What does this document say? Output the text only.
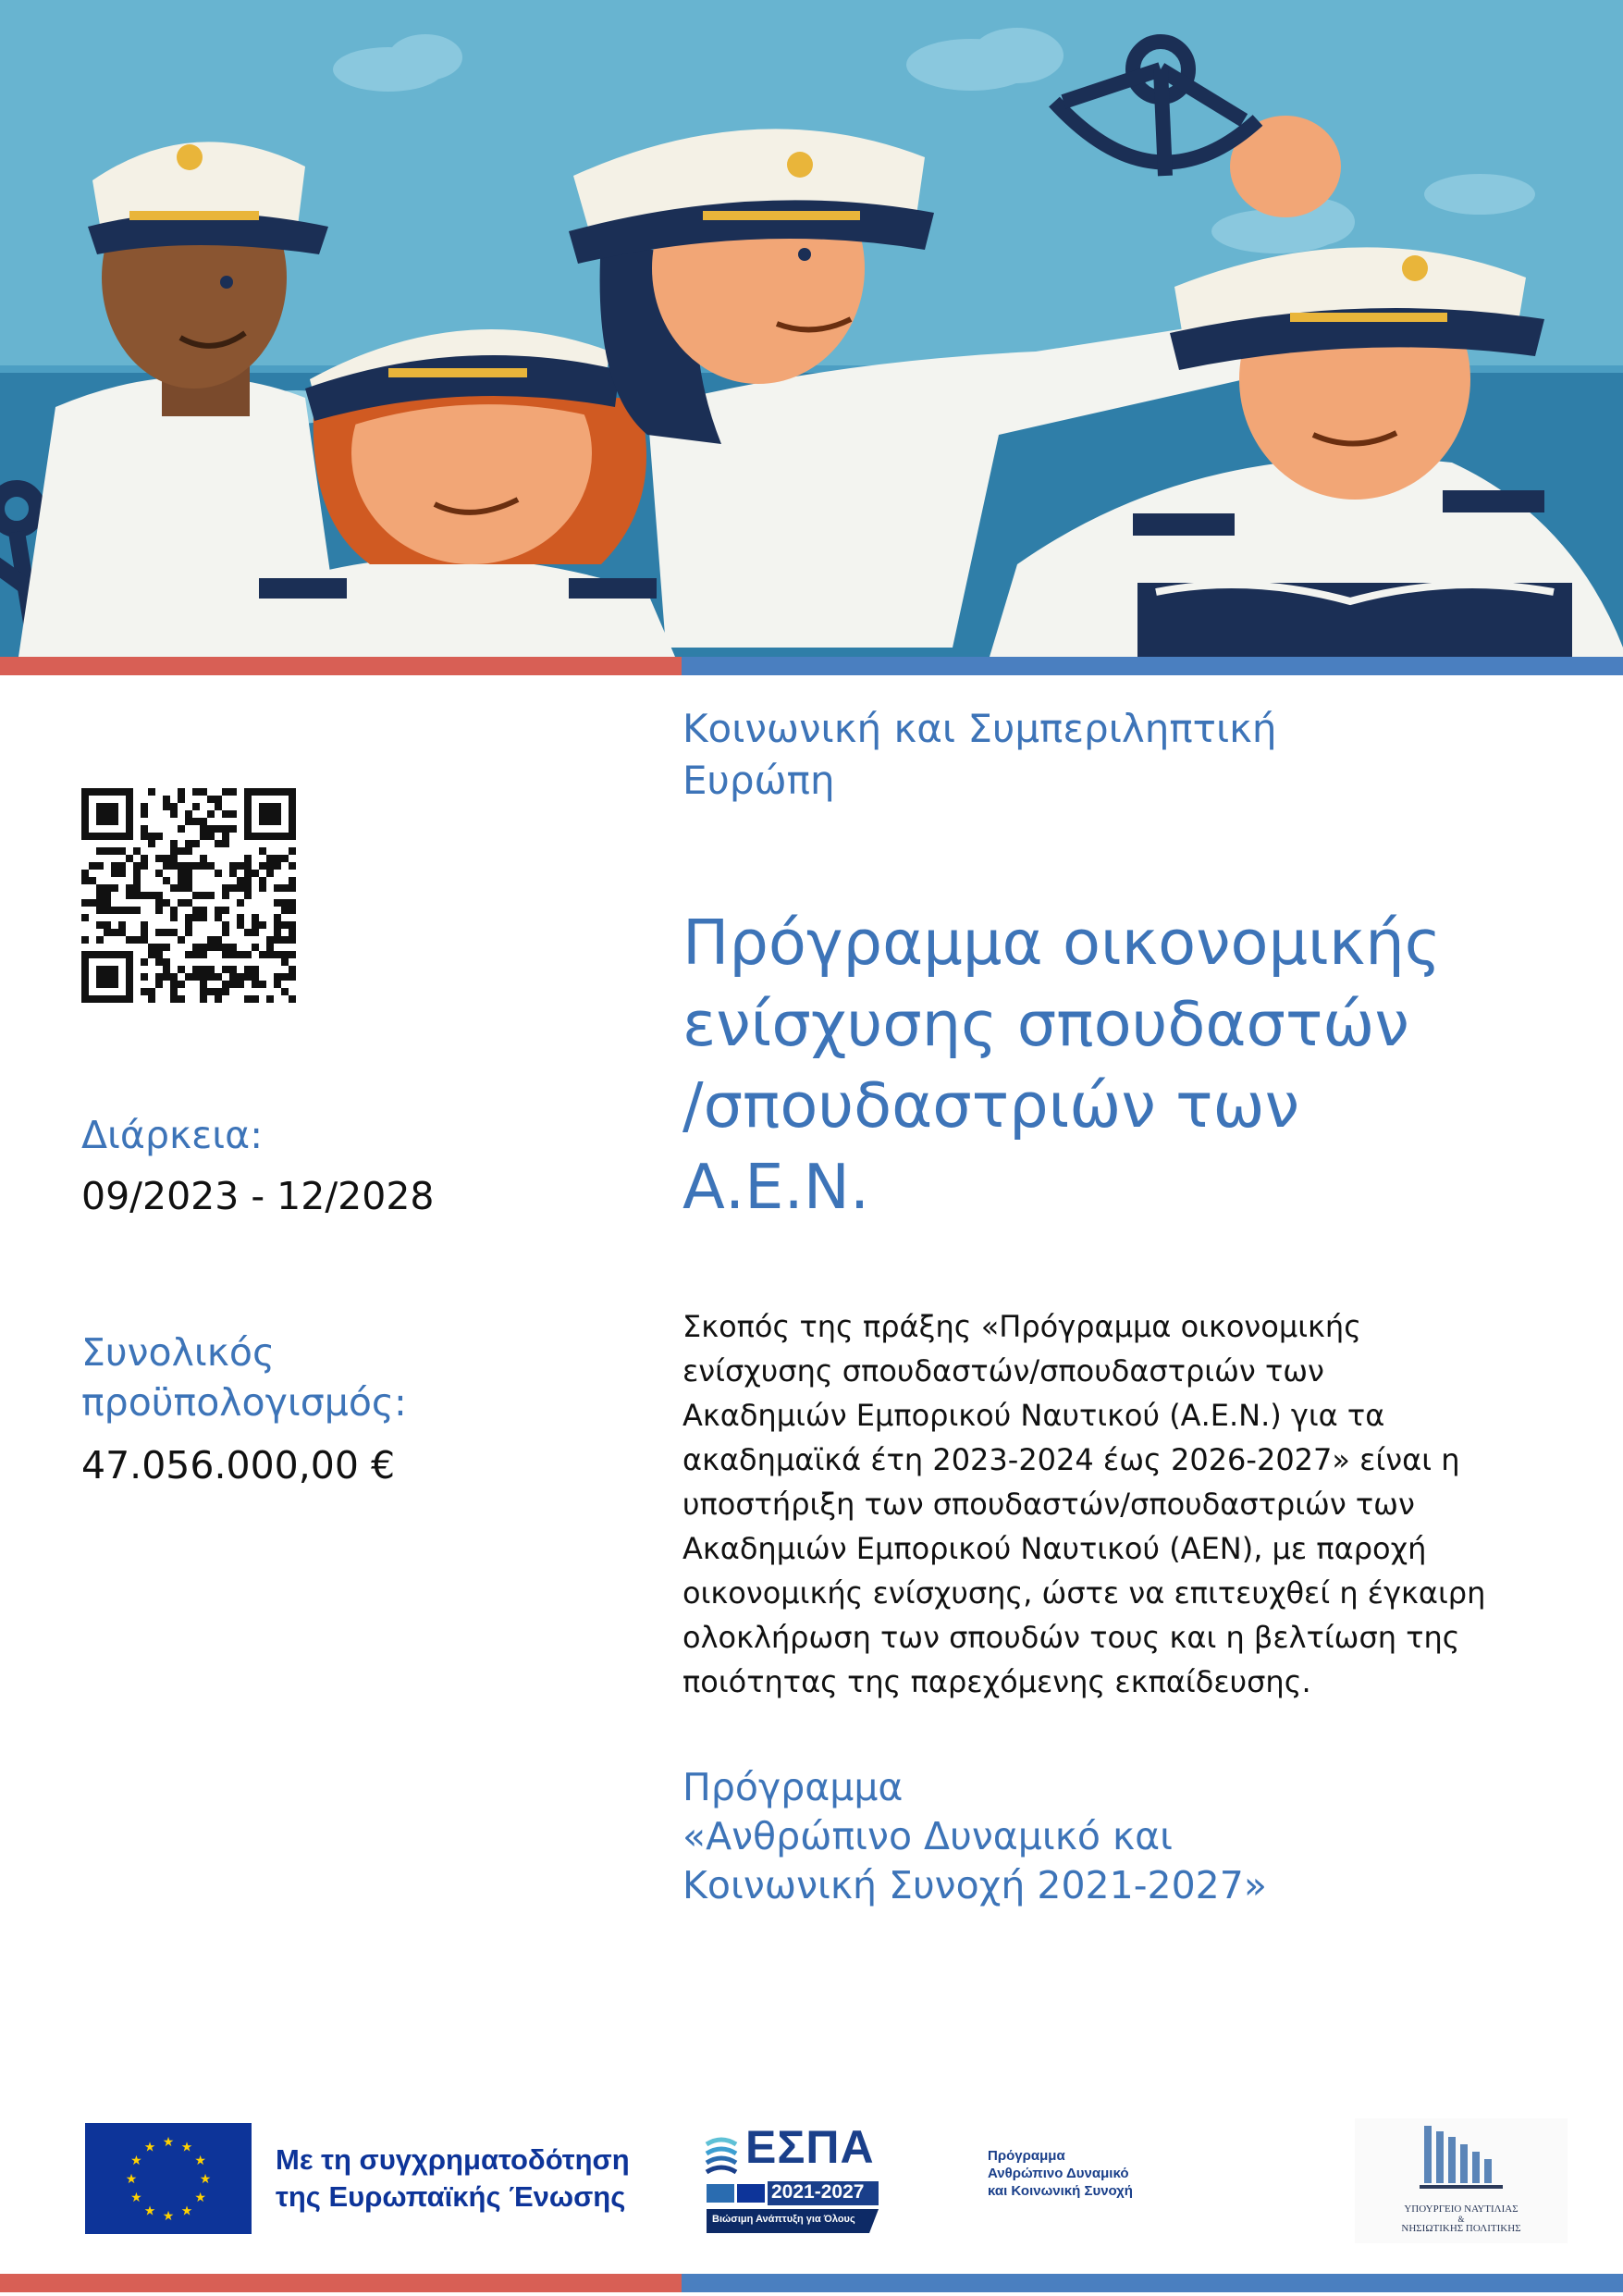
Κοινωνική και Συμπεριληπτική
Ευρώπη
Πρόγραμμα οικονομικής
ενίσχυσης σπουδαστών
/σπουδαστριών των
Α.Ε.Ν.
Διάρκεια:
09/2023 - 12/2028
Συνολικός
προϋπολογισμός:
47.056.000,00 €
Σκοπός της πράξης «Πρόγραμμα οικονομικής
ενίσχυσης σπουδαστών/σπουδαστριών των
Ακαδημιών Εμπορικού Ναυτικού (Α.Ε.Ν.) για τα
ακαδημαϊκά έτη 2023-2024 έως 2026-2027» είναι η
υποστήριξη των σπουδαστών/σπουδαστριών των
Ακαδημιών Εμπορικού Ναυτικού (ΑΕΝ), με παροχή
οικονομικής ενίσχυσης, ώστε να επιτευχθεί η έγκαιρη
ολοκλήρωση των σπουδών τους και η βελτίωση της
ποιότητας της παρεχόμενης εκπαίδευσης.
Πρόγραμμα
«Ανθρώπινο Δυναμικό και
Κοινωνική Συνοχή 2021-2027»
★ ★
★
★
★
★
★
★
★
★
★
★	Με τη συγχρηματοδότηση
της Ευρωπαϊκής Ένωσης
ΕΣΠΑ
2021-2027
Βιώσιμη Ανάπτυξη για Όλους
Πρόγραμμα
Ανθρώπινο Δυναμικό
και Κοινωνική Συνοχή
ΥΠΟΥΡΓΕΙΟ ΝΑΥΤΙΛΙΑΣ
&
ΝΗΣΙΩΤΙΚΗΣ ΠΟΛΙΤΙΚΗΣ
